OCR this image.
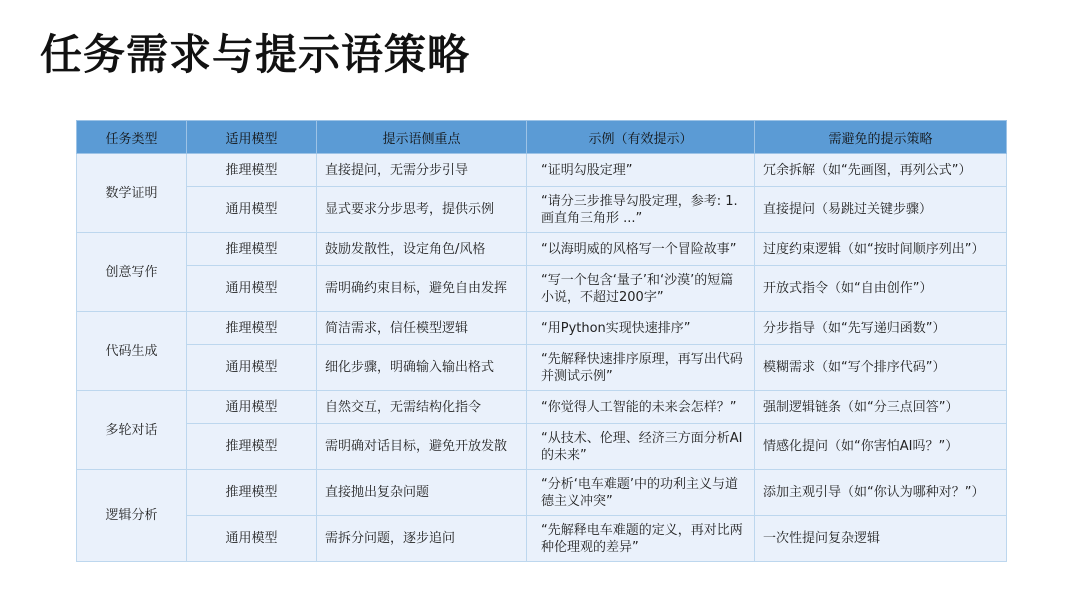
任务需求与提示语策略
任务类型	适用模型	提示语侧重点	示例（有效提示）	需避免的提示策略
数学证明	推理模型	直接提问，无需分步引导	“证明勾股定理”	冗余拆解（如“先画图，再列公式”）
	通用模型	显式要求分步思考，提供示例	“请分三步推导勾股定理，参考: 1. 画直角三角形 ...”	直接提问（易跳过关键步骤）
创意写作	推理模型	鼓励发散性，设定角色/风格	“以海明威的风格写一个冒险故事”	过度约束逻辑（如“按时间顺序列出”）
	通用模型	需明确约束目标，避免自由发挥	“写一个包含‘量子’和‘沙漠’的短篇小说，不超过200字”	开放式指令（如“自由创作”）
代码生成	推理模型	简洁需求，信任模型逻辑	“用Python实现快速排序”	分步指导（如“先写递归函数”）
	通用模型	细化步骤，明确输入输出格式	“先解释快速排序原理，再写出代码并测试示例”	模糊需求（如“写个排序代码”）
多轮对话	通用模型	自然交互，无需结构化指令	“你觉得人工智能的未来会怎样？”	强制逻辑链条（如“分三点回答”）
	推理模型	需明确对话目标，避免开放发散	“从技术、伦理、经济三方面分析AI的未来”	情感化提问（如“你害怕AI吗？”）
逻辑分析	推理模型	直接抛出复杂问题	“分析‘电车难题’中的功利主义与道德主义冲突”	添加主观引导（如“你认为哪种对？”）
	通用模型	需拆分问题，逐步追问	“先解释电车难题的定义，再对比两种伦理观的差异”	一次性提问复杂逻辑
